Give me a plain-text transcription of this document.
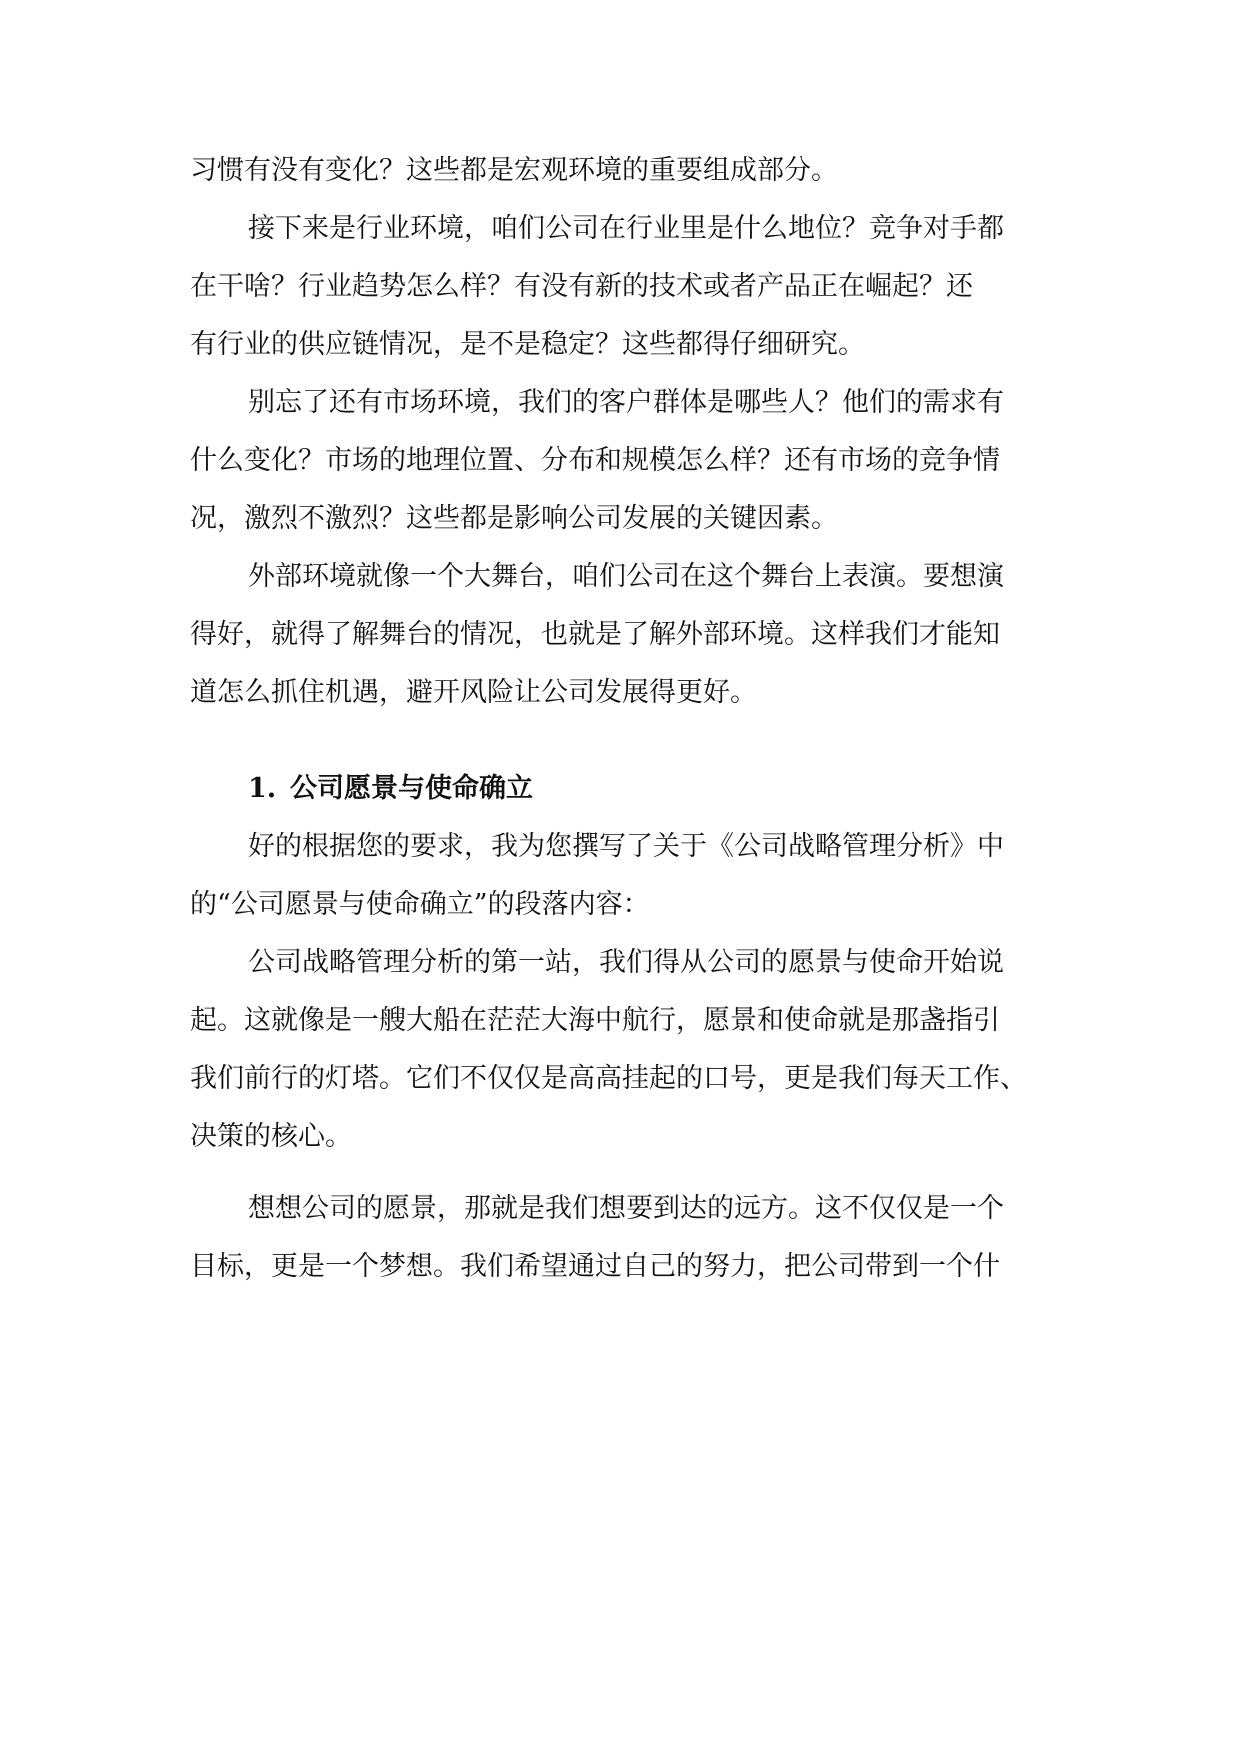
习惯有没有变化？这些都是宏观环境的重要组成部分。
接下来是行业环境，咱们公司在行业里是什么地位？竞争对手都
在干啥？行业趋势怎么样？有没有新的技术或者产品正在崛起？还
有行业的供应链情况，是不是稳定？这些都得仔细研究。
别忘了还有市场环境，我们的客户群体是哪些人？他们的需求有
什么变化？市场的地理位置、分布和规模怎么样？还有市场的竞争情
况，激烈不激烈？这些都是影响公司发展的关键因素。
外部环境就像一个大舞台，咱们公司在这个舞台上表演。要想演
得好，就得了解舞台的情况，也就是了解外部环境。这样我们才能知
道怎么抓住机遇，避开风险让公司发展得更好。
1. 公司愿景与使命确立
好的根据您的要求，我为您撰写了关于《公司战略管理分析》中
的“公司愿景与使命确立”的段落内容：
公司战略管理分析的第一站，我们得从公司的愿景与使命开始说
起。这就像是一艘大船在茫茫大海中航行，愿景和使命就是那盏指引
我们前行的灯塔。它们不仅仅是高高挂起的口号，更是我们每天工作、
决策的核心。
想想公司的愿景，那就是我们想要到达的远方。这不仅仅是一个
目标，更是一个梦想。我们希望通过自己的努力，把公司带到一个什
